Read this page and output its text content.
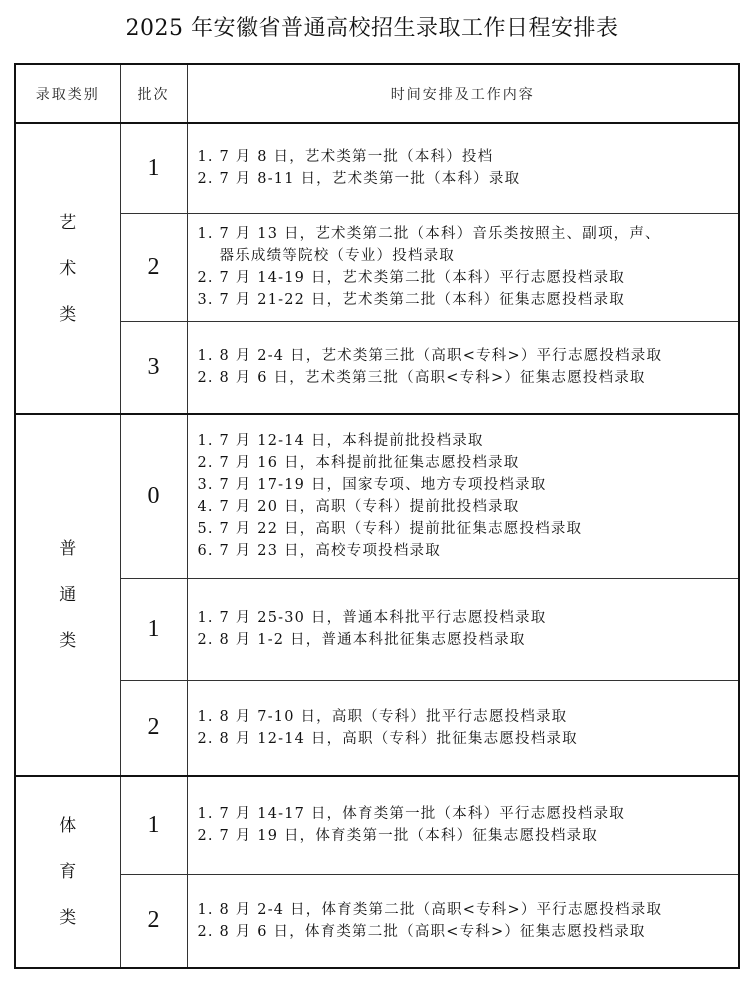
2025 年安徽省普通高校招生录取工作日程安排表
录取类别	批次	时间安排及工作内容

艺
术
类	1	1. 7 月 8 日，艺术类第一批（本科）投档
2. 7 月 8-11 日，艺术类第一批（本科）录取

	2	1. 7 月 13 日，艺术类第二批（本科）音乐类按照主、副项，声、
器乐成绩等院校（专业）投档录取
2. 7 月 14-19 日，艺术类第二批（本科）平行志愿投档录取
3. 7 月 21-22 日，艺术类第二批（本科）征集志愿投档录取

	3	1. 8 月 2-4 日，艺术类第三批（高职<专科>）平行志愿投档录取
2. 8 月 6 日，艺术类第三批（高职<专科>）征集志愿投档录取

普
通
类
	0	
1. 7 月 12-14 日，本科提前批投档录取
2. 7 月 16 日，本科提前批征集志愿投档录取
3. 7 月 17-19 日，国家专项、地方专项投档录取
4. 7 月 20 日，高职（专科）提前批投档录取
5. 7 月 22 日，高职（专科）提前批征集志愿投档录取
6. 7 月 23 日，高校专项投档录取

	1	1. 7 月 25-30 日，普通本科批平行志愿投档录取
2. 8 月 1-2 日，普通本科批征集志愿投档录取

	2	1. 8 月 7-10 日，高职（专科）批平行志愿投档录取
2. 8 月 12-14 日，高职（专科）批征集志愿投档录取

体
育
类	1	1. 7 月 14-17 日，体育类第一批（本科）平行志愿投档录取
2. 7 月 19 日，体育类第一批（本科）征集志愿投档录取

	2	1. 8 月 2-4 日，体育类第二批（高职<专科>）平行志愿投档录取
2. 8 月 6 日，体育类第二批（高职<专科>）征集志愿投档录取
